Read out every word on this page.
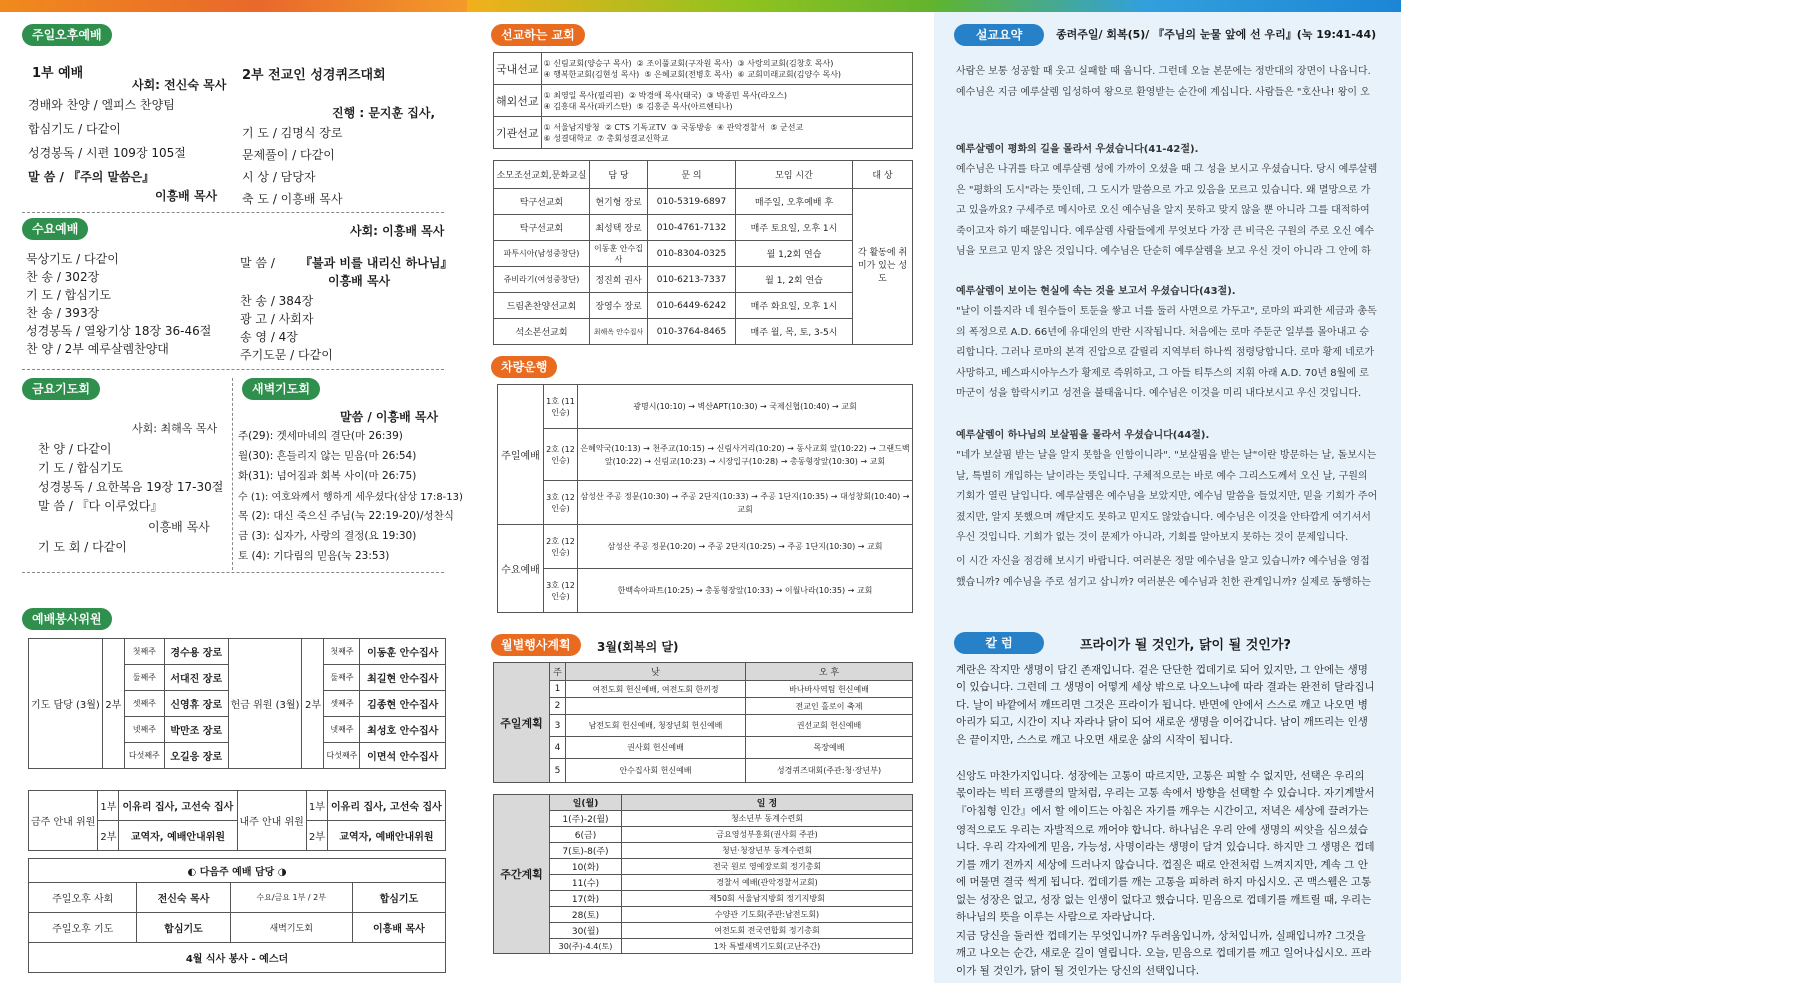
주일오후예배
1부 예배
사회: 전신숙 목사
경배와 찬양 / 엘피스 찬양팀
합심기도 / 다같이
성경봉독 / 시편 109장 105절
말 씀 / 『주의 말씀은』
이흥배 목사
2부 전교인 성경퀴즈대회
진행 : 문지훈 집사,
기 도 / 김명식 장로
문제풀이 / 다같이
시 상 / 담당자
축 도 / 이흥배 목사
수요예배	사회: 이흥배 목사
묵상기도 / 다같이
찬 송 / 302장
기 도 / 합심기도
찬 송 / 393장
성경봉독 / 열왕기상 18장 36-46절
찬 양 / 2부 예루살렘찬양대
말 씀 / 『불과 비를 내리신 하나님』
이흥배 목사
찬 송 / 384장
광 고 / 사회자
송 영 / 4장
주기도문 / 다같이
금요기도회
사회: 최해옥 목사
찬 양 / 다같이
기 도 / 합심기도
성경봉독 / 요한복음 19장 17-30절
말 씀 / 『다 이루었다』
이흥배 목사
기 도 회 / 다같이
새벽기도회
말씀 / 이흥배 목사
주(29): 겟세마네의 결단(마 26:39)
월(30): 흔들리지 않는 믿음(마 26:54)
화(31): 넘어짐과 회복 사이(마 26:75)
수 (1): 여호와께서 행하게 세우셨다(삼상 17:8-13)
목 (2): 대신 죽으신 주님(눅 22:19-20)/성찬식
금 (3): 십자가, 사랑의 결정(요 19:30)
토 (4): 기다림의 믿음(눅 23:53)
예배봉사위원
기도 담당 (3월)	2부	첫째주	경수용 장로	헌금 위원 (3월)	2부	첫째주	이동훈 안수집사
		둘째주	서대진 장로			둘째주	최길현 안수집사
		셋째주	신영휴 장로			셋째주	김종현 안수집사
		넷째주	박만조 장로			넷째주	최성호 안수집사
		다섯째주	오길응 장로			다섯째주	이면석 안수집사
금주 안내 위원	1부	이유리 집사, 고선숙 집사	내주 안내 위원	1부	이유리 집사, 고선숙 집사
	2부	교역자, 예배안내위원		2부	교역자, 예배안내위원
◐ 다음주 예배 담당 ◑			
주일오후 사회	전신숙 목사	수요/금요 1부 / 2부	합심기도
주일오후 기도	합심기도	새벽기도회	이흥배 목사
4월 식사 봉사 - 예스더			
선교하는 교회
국내선교	① 신림교회(양승구 목사) ② 조이풀교회(구자원 목사) ③ 사랑의교회(김창호 목사)
④ 행복한교회(김현성 목사) ⑤ 은혜교회(전병호 목사) ⑥ 교회미래교회(김양수 목사)
해외선교	① 최영일 목사(필리핀) ② 박경애 목사(태국) ③ 박종민 목사(라오스)
④ 김흥대 목사(파키스탄) ⑤ 김흥준 목사(아르헨티나)
기관선교	① 서울남지방청 ② CTS 기독교TV ③ 국동방송 ④ 관악경찰서 ⑤ 군선교
⑥ 성결대학교 ⑦ 총회성결교신학교
소모조선교회,문화교실	담 당	문 의	모임 시간	대 상
탁구선교회	현기형 장로	010-5319-6897	매주일, 오후예배 후	각 활동에 취미가 있는 성도
탁구선교회	최성택 장로	010-4761-7132	매주 토요일, 오후 1시	
파투시아(남성중창단)	이동훈 안수집사	010-8304-0325	월 1,2회 연습	
쥬비라기(여성중창단)	정진희 권사	010-6213-7337	월 1, 2회 연습	
드림촌찬양선교회	장영수 장로	010-6449-6242	매주 화요일, 오후 1시	
석소본선교회	최해옥 안수집사	010-3764-8465	매주 월, 목, 토, 3-5시	
차량운행
주일예배	1호 (11인승)	광명시(10:10) → 벽산APT(10:30) → 국제신협(10:40) → 교회
	2호 (12인승)	은혜약국(10:13) → 천주교(10:15) → 신림사거리(10:20) → 동사교회 앞(10:22) → 그랜드백 앞(10:22) → 신림교(10:23) → 시장입구(10:28) → 총동형장앞(10:30) → 교회
	3호 (12인승)	삼성산 주공 정문(10:30) → 주공 2단지(10:33) → 주공 1단지(10:35) → 대성창회(10:40) → 교회
수요예배	2호 (12인승)	삼성산 주공 정문(10:20) → 주공 2단지(10:25) → 주공 1단지(10:30) → 교회
	3호 (12인승)	한백속아파트(10:25) → 총동형장앞(10:33) → 이월나라(10:35) → 교회
월별행사계획	3월(회복의 달)
주일계획	주	낮	오 후
	1	여전도회 헌신예배, 여전도회 한끼정	바나바사역팀 헌신예배
	2		전교인 홀로이 축제
	3	남전도회 헌신예배, 청장년회 헌신예배	권선교회 헌신예배
	4	권사회 헌신예배	목장예배
	5	안수집사회 헌신예배	성경퀴즈대회(주관:청·장년부)
주간계획	일(월)	일 정
	1(주)-2(월)	청소년부 동계수련회
	6(금)	금요영성부흥회(권사회 주관)
	7(토)-8(주)	청년·청장년부 동계수련회
	10(화)	전국 원로 영예장로회 정기총회
	11(수)	경찰서 예배(관악경찰서교회)
	17(화)	제50회 서울남지방회 정기지방회
	28(토)	수양관 기도회(주관:남전도회)
	30(월)	여전도회 전국연합회 정기총회
	30(주)-4.4(토)	1차 특별새벽기도회(고난주간)
설교요약	종려주일/ 회복(5)/ 『주님의 눈물 앞에 선 우리』(눅 19:41-44)
사람은 보통 성공할 때 웃고 실패할 때 웁니다. 그런데 오늘 본문에는 정반대의 장면이 나옵니다. 예수님은 지금 예루살렘 입성하여 왕으로 환영받는 순간에 계십니다. 사람들은 "호산나! 왕이 오
예루살렘이 평화의 길을 몰라서 우셨습니다(41-42절).
예수님은 나귀를 타고 예루살렘 성에 가까이 오셨을 때 그 성을 보시고 우셨습니다. 당시 예루살렘은 "평화의 도시"라는 뜻인데, 그 도시가 말씀으로 가고 있음을 모르고 있습니다. 왜 멸망으로 가고 있을까요? 구세주로 메시아로 오신 예수님을 알지 못하고 맞지 않을 뿐 아니라 그를 대적하여 죽이고자 하기 때문입니다. 예루살렘 사람들에게 무엇보다 가장 큰 비극은 구원의 주로 오신 예수님을 모르고 믿지 않은 것입니다. 예수님은 단순히 예루살렘을 보고 우신 것이 아니라 그 안에 하
예루살렘이 보이는 현실에 속는 것을 보고서 우셨습니다(43절).
"날이 이를지라 네 원수들이 토둔을 쌓고 너를 둘러 사면으로 가두고", 로마의 파괴한 세금과 총독의 폭정으로 A.D. 66년에 유대인의 반란 시작됩니다. 처음에는 로마 주둔군 일부를 몰아내고 승리합니다. 그러나 로마의 본격 진압으로 갈릴리 지역부터 하나씩 점령당합니다. 로마 황제 네로가 사망하고, 베스파시아누스가 황제로 즉위하고, 그 아들 티투스의 지휘 아래 A.D. 70년 8월에 로마군이 성을 함락시키고 성전을 불태웁니다. 예수님은 이것을 미리 내다보시고 우신 것입니다.
예루살렘이 하나님의 보살핌을 몰라서 우셨습니다(44절).
"네가 보살핌 받는 날을 알지 못함을 인함이니라". "보살핌을 받는 날"이란 방문하는 날, 돌보시는 날, 특별히 개입하는 날이라는 뜻입니다. 구체적으로는 바로 예수 그리스도께서 오신 날, 구원의 기회가 열린 날입니다. 예루살렘은 예수님을 보았지만, 예수님 말씀을 들었지만, 믿을 기회가 주어졌지만, 알지 못했으며 깨닫지도 못하고 믿지도 않았습니다. 예수님은 이것을 안타깝게 여기셔서 우신 것입니다. 기회가 없는 것이 문제가 아니라, 기회를 알아보지 못하는 것이 문제입니다.
이 시간 자신을 점검해 보시기 바랍니다. 여러분은 정말 예수님을 알고 있습니까? 예수님을 영접했습니까? 예수님을 주로 섬기고 삽니까? 여러분은 예수님과 친한 관계입니까? 실제로 동행하는
칼 럼	프라이가 될 것인가, 닭이 될 것인가?
계란은 작지만 생명이 담긴 존재입니다. 겉은 단단한 껍데기로 되어 있지만, 그 안에는 생명이 있습니다. 그런데 그 생명이 어떻게 세상 밖으로 나오느냐에 따라 결과는 완전히 달라집니다. 날이 바깥에서 깨뜨리면 그것은 프라이가 됩니다. 반면에 안에서 스스로 깨고 나오면 병아리가 되고, 시간이 지나 자라나 닭이 되어 새로운 생명을 이어갑니다. 남이 깨뜨리는 인생은 끝이지만, 스스로 깨고 나오면 새로운 삶의 시작이 됩니다.
신앙도 마찬가지입니다. 성장에는 고통이 따르지만, 고통은 피할 수 없지만, 선택은 우리의 몫이라는 빅터 프랭클의 말처럼, 우리는 고통 속에서 방향을 선택할 수 있습니다. 자기계발서 『아침형 인간』에서 할 에이드는 아침은 자기를 깨우는 시간이고, 저녁은 세상에 끌려가는
영적으로도 우리는 자발적으로 깨어야 합니다. 하나님은 우리 안에 생명의 씨앗을 심으셨습니다. 우리 각자에게 믿음, 가능성, 사명이라는 생명이 담겨 있습니다. 하지만 그 생명은 껍데기를 깨기 전까지 세상에 드러나지 않습니다. 껍질은 때로 안전처럼 느껴지지만, 계속 그 안에 머물면 결국 썩게 됩니다. 껍데기를 깨는 고통을 피하려 하지 마십시오. 곤 맥스웰은 고통 없는 성장은 없고, 성장 없는 인생이 없다고 했습니다. 믿음으로 껍데기를 깨트릴 때, 우리는 하나님의 뜻을 이루는 사람으로 자라납니다.
지금 당신을 둘러싼 껍데기는 무엇입니까? 두려움입니까, 상처입니까, 실패입니까? 그것을 깨고 나오는 순간, 새로운 길이 열립니다. 오늘, 믿음으로 껍데기를 깨고 일어나십시오. 프라이가 될 것인가, 닭이 될 것인가는 당신의 선택입니다.
